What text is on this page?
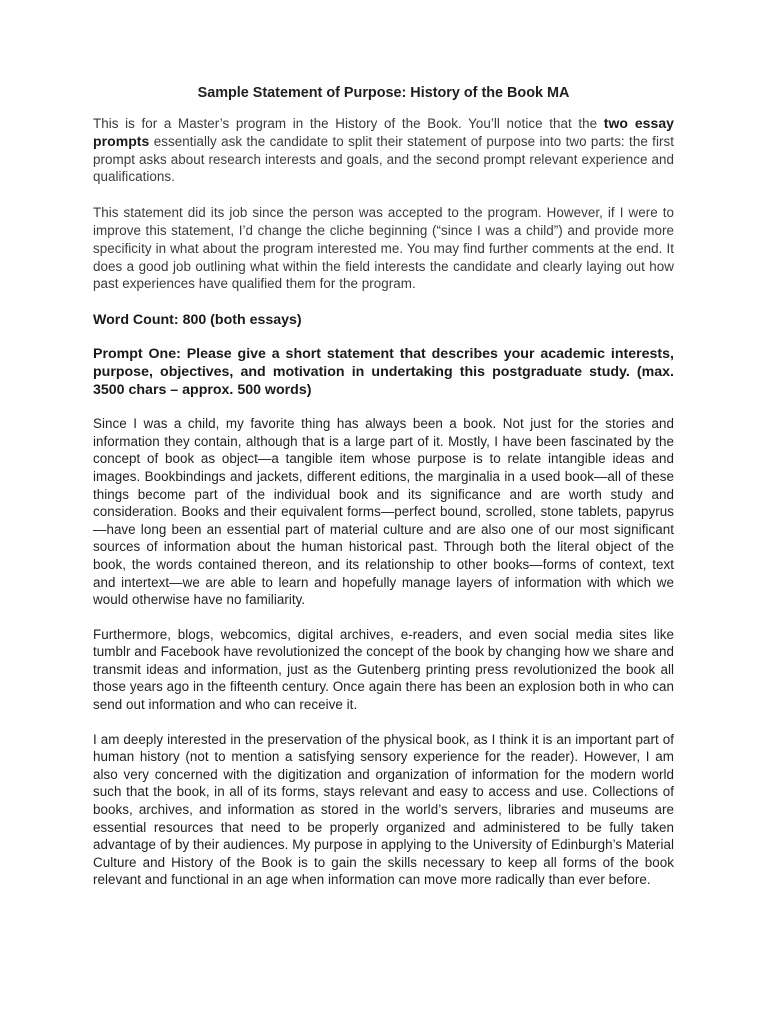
Sample Statement of Purpose: History of the Book MA

This is for a Master’s program in the History of the Book. You’ll notice that the two essay prompts essentially ask the candidate to split their statement of purpose into two parts: the first prompt asks about research interests and goals, and the second prompt relevant experience and qualifications.

This statement did its job since the person was accepted to the program. However, if I were to improve this statement, I’d change the cliche beginning (“since I was a child”) and provide more specificity in what about the program interested me. You may find further comments at the end. It does a good job outlining what within the field interests the candidate and clearly laying out how past experiences have qualified them for the program.

Word Count: 800 (both essays)
Prompt One: Please give a short statement that describes your academic interests, purpose, objectives, and motivation in undertaking this postgraduate study. (max. 3500 chars – approx. 500 words)

Since I was a child, my favorite thing has always been a book. Not just for the stories and information they contain, although that is a large part of it. Mostly, I have been fascinated by the concept of book as object—a tangible item whose purpose is to relate intangible ideas and images. Bookbindings and jackets, different editions, the marginalia in a used book—all of these things become part of the individual book and its significance and are worth study and consideration. Books and their equivalent forms—perfect bound, scrolled, stone tablets, papyrus—have long been an essential part of material culture and are also one of our most significant sources of information about the human historical past. Through both the literal object of the book, the words contained thereon, and its relationship to other books—forms of context, text and intertext—we are able to learn and hopefully manage layers of information with which we would otherwise have no familiarity.

Furthermore, blogs, webcomics, digital archives, e-readers, and even social media sites like tumblr and Facebook have revolutionized the concept of the book by changing how we share and transmit ideas and information, just as the Gutenberg printing press revolutionized the book all those years ago in the fifteenth century. Once again there has been an explosion both in who can send out information and who can receive it.

I am deeply interested in the preservation of the physical book, as I think it is an important part of human history (not to mention a satisfying sensory experience for the reader). However, I am also very concerned with the digitization and organization of information for the modern world such that the book, in all of its forms, stays relevant and easy to access and use. Collections of books, archives, and information as stored in the world’s servers, libraries and museums are essential resources that need to be properly organized and administered to be fully taken advantage of by their audiences. My purpose in applying to the University of Edinburgh’s Material Culture and History of the Book is to gain the skills necessary to keep all forms of the book relevant and functional in an age when information can move more radically than ever before.
